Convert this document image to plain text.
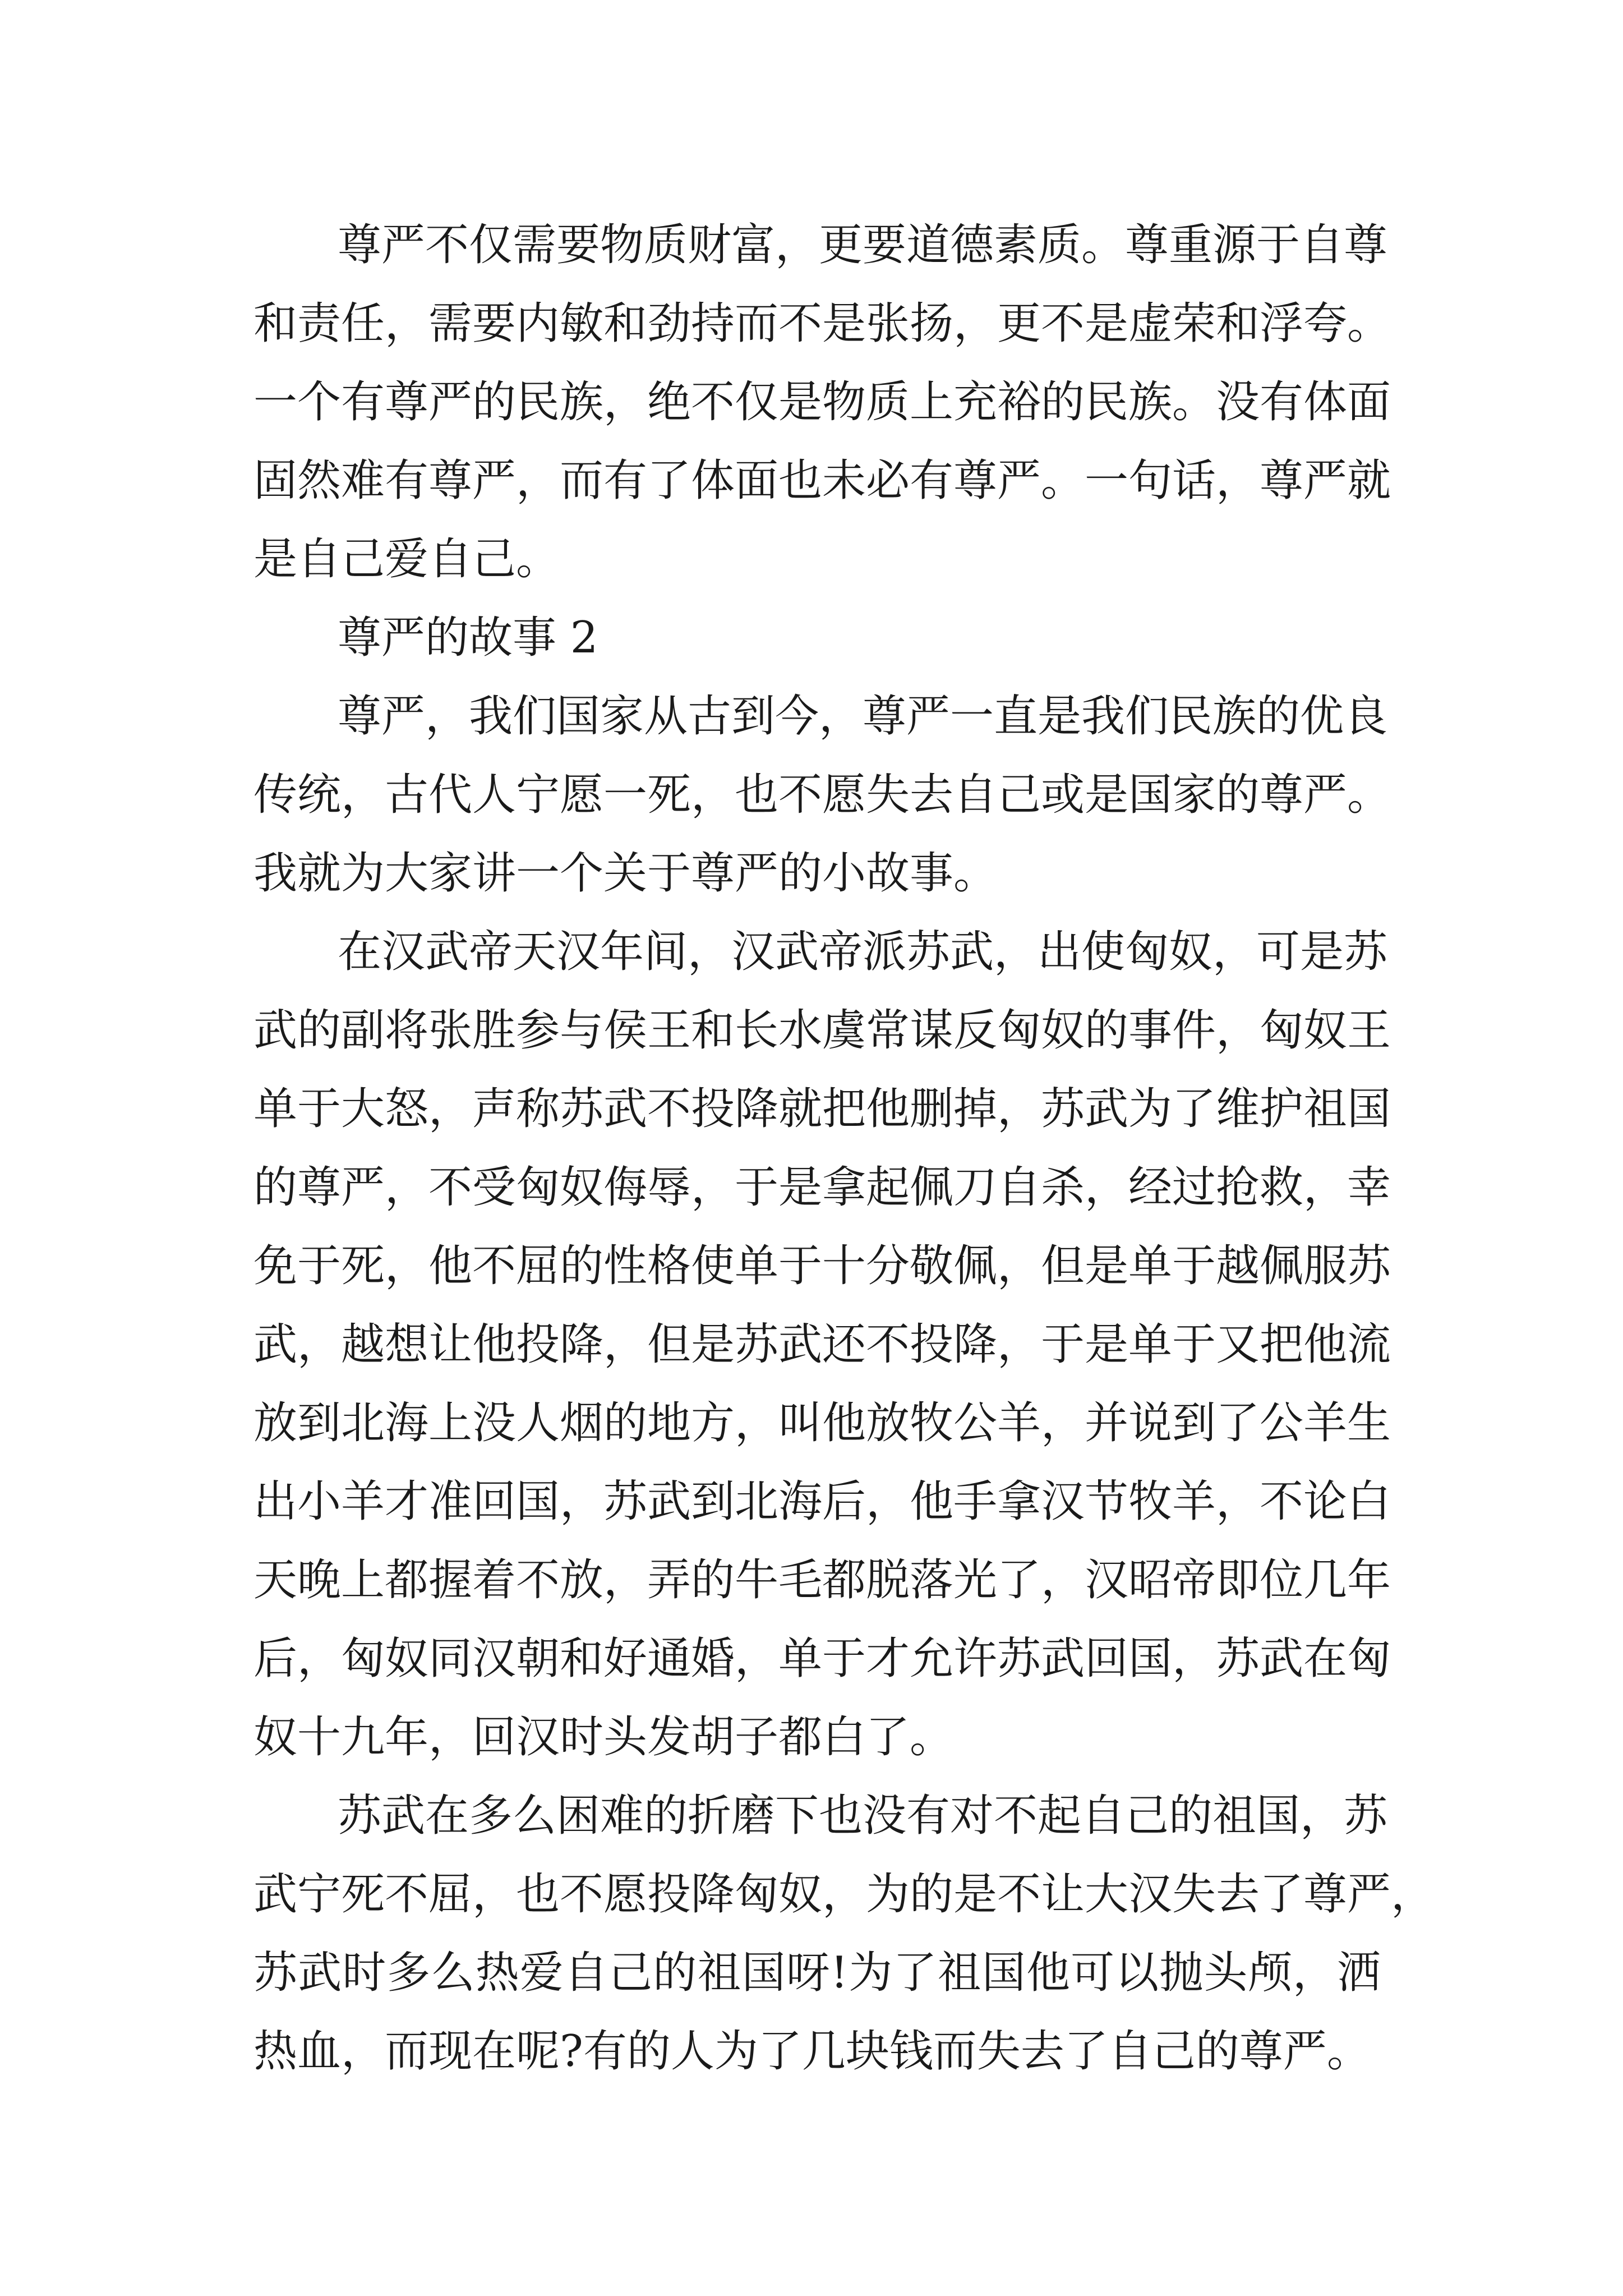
尊严不仅需要物质财富，更要道德素质。尊重源于自尊
和责任，需要内敏和劲持而不是张扬，更不是虚荣和浮夸。
一个有尊严的民族，绝不仅是物质上充裕的民族。没有体面
固然难有尊严，而有了体面也未必有尊严。一句话，尊严就
是自己爱自己。
尊严的故事 2
尊严，我们国家从古到今，尊严一直是我们民族的优良
传统，古代人宁愿一死，也不愿失去自己或是国家的尊严。
我就为大家讲一个关于尊严的小故事。
在汉武帝天汉年间，汉武帝派苏武，出使匈奴，可是苏
武的副将张胜参与侯王和长水虞常谋反匈奴的事件，匈奴王
单于大怒，声称苏武不投降就把他删掉，苏武为了维护祖国
的尊严，不受匈奴侮辱，于是拿起佩刀自杀，经过抢救，幸
免于死，他不屈的性格使单于十分敬佩，但是单于越佩服苏
武，越想让他投降，但是苏武还不投降，于是单于又把他流
放到北海上没人烟的地方，叫他放牧公羊，并说到了公羊生
出小羊才准回国，苏武到北海后，他手拿汉节牧羊，不论白
天晚上都握着不放，弄的牛毛都脱落光了，汉昭帝即位几年
后，匈奴同汉朝和好通婚，单于才允许苏武回国，苏武在匈
奴十九年，回汉时头发胡子都白了。
苏武在多么困难的折磨下也没有对不起自己的祖国，苏
武宁死不屈，也不愿投降匈奴，为的是不让大汉失去了尊严，
苏武时多么热爱自己的祖国呀!为了祖国他可以抛头颅，洒
热血，而现在呢?有的人为了几块钱而失去了自己的尊严。
